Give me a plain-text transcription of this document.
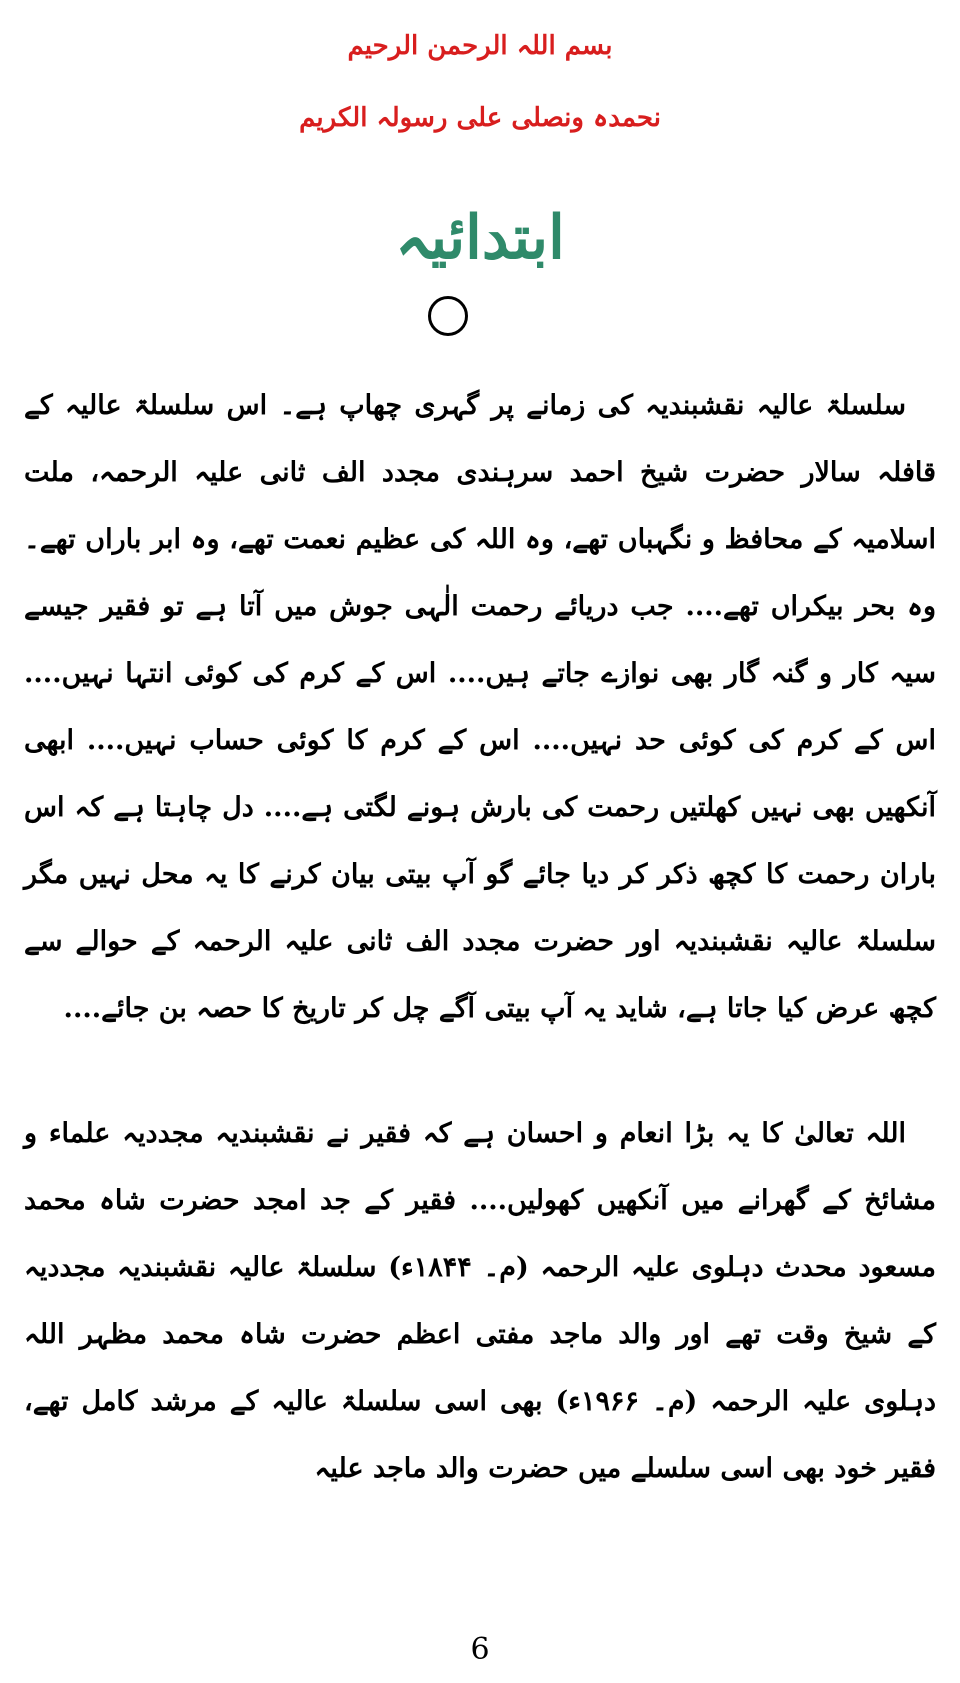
بسم اللہ الرحمن الرحیم
نحمدہ ونصلی علی رسولہ الکریم
ابتدائیہ

سلسلۃ عالیہ نقشبندیہ کی زمانے پر گہری چھاپ ہے۔ اس سلسلۃ عالیہ کے قافلہ سالار حضرت شیخ احمد سرہندی مجدد الف ثانی علیہ الرحمہ، ملت اسلامیہ کے محافظ و نگہباں تھے، وہ اللہ کی عظیم نعمت تھے، وہ ابر باراں تھے۔ وہ بحر بیکراں تھے.... جب دریائے رحمت الٰہی جوش میں آتا ہے تو فقیر جیسے سیہ کار و گنہ گار بھی نوازے جاتے ہیں.... اس کے کرم کی کوئی انتہا نہیں.... اس کے کرم کی کوئی حد نہیں.... اس کے کرم کا کوئی حساب نہیں.... ابھی آنکھیں بھی نہیں کھلتیں رحمت کی بارش ہونے لگتی ہے.... دل چاہتا ہے کہ اس باران رحمت کا کچھ ذکر کر دیا جائے گو آپ بیتی بیان کرنے کا یہ محل نہیں مگر سلسلۃ عالیہ نقشبندیہ اور حضرت مجدد الف ثانی علیہ الرحمہ کے حوالے سے کچھ عرض کیا جاتا ہے، شاید یہ آپ بیتی آگے چل کر تاریخ کا حصہ بن جائے....

اللہ تعالیٰ کا یہ بڑا انعام و احسان ہے کہ فقیر نے نقشبندیہ مجددیہ علماء و مشائخ کے گھرانے میں آنکھیں کھولیں.... فقیر کے جد امجد حضرت شاہ محمد مسعود محدث دہلوی علیہ الرحمہ (م۔ ۱۸۴۴ء) سلسلۃ عالیہ نقشبندیہ مجددیہ کے شیخ وقت تھے اور والد ماجد مفتی اعظم حضرت شاہ محمد مظہر اللہ دہلوی علیہ الرحمہ (م۔ ۱۹۶۶ء) بھی اسی سلسلۃ عالیہ کے مرشد کامل تھے، فقیر خود بھی اسی سلسلے میں حضرت والد ماجد علیہ

6
